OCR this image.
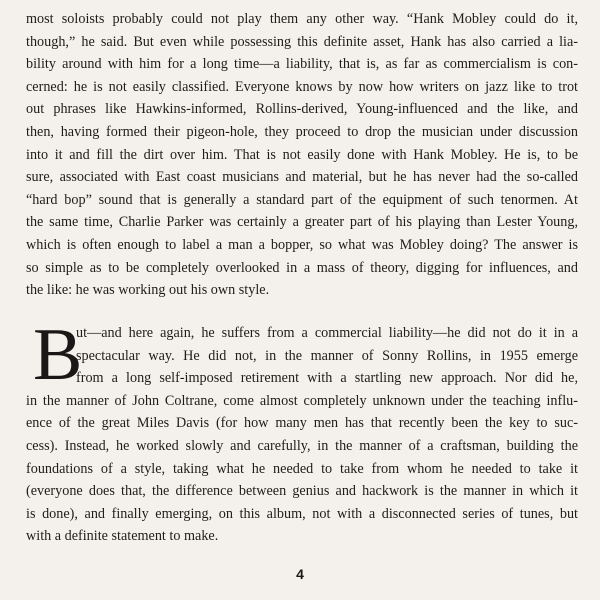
most soloists probably could not play them any other way. “Hank Mobley could do it,
though,” he said. But even while possessing this definite asset, Hank has also carried a lia-
bility around with him for a long time—a liability, that is, as far as commercialism is con-
cerned: he is not easily classified. Everyone knows by now how writers on jazz like to trot
out phrases like Hawkins-informed, Rollins-derived, Young-influenced and the like, and
then, having formed their pigeon-hole, they proceed to drop the musician under discussion
into it and fill the dirt over him. That is not easily done with Hank Mobley. He is, to be
sure, associated with East coast musicians and material, but he has never had the so-called
“hard bop” sound that is generally a standard part of the equipment of such tenormen. At
the same time, Charlie Parker was certainly a greater part of his playing than Lester Young,
which is often enough to label a man a bopper, so what was Mobley doing? The answer is
so simple as to be completely overlooked in a mass of theory, digging for influences, and
the like: he was working out his own style.
B
ut—and here again, he suffers from a commercial liability—he did not do it in a
spectacular way. He did not, in the manner of Sonny Rollins, in 1955 emerge
from a long self-imposed retirement with a startling new approach. Nor did he,
in the manner of John Coltrane, come almost completely unknown under the teaching influ-
ence of the great Miles Davis (for how many men has that recently been the key to suc-
cess). Instead, he worked slowly and carefully, in the manner of a craftsman, building the
foundations of a style, taking what he needed to take from whom he needed to take it
(everyone does that, the difference between genius and hackwork is the manner in which it
is done), and finally emerging, on this album, not with a disconnected series of tunes, but
with a definite statement to make.
4
